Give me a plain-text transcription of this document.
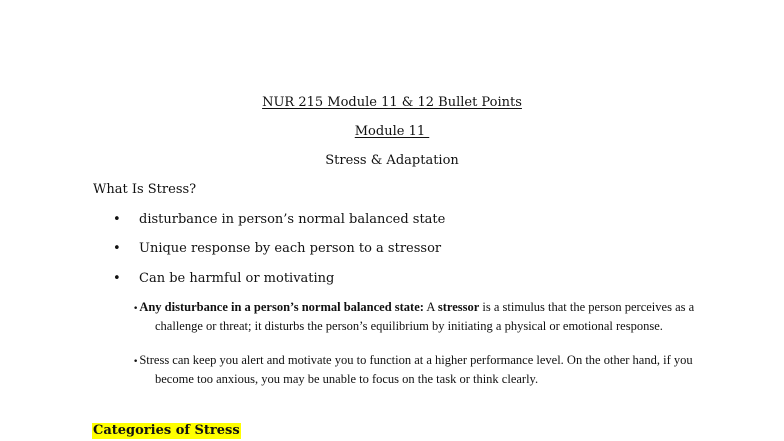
NUR 215 Module 11 & 12 Bullet Points
Module 11
Stress & Adaptation
What Is Stress?
•	disturbance in person’s normal balanced state
•	Unique response by each person to a stressor
•	Can be harmful or motivating
•Any disturbance in a person’s normal balanced state: A stressor is a stimulus that the person perceives as a challenge or threat; it disturbs the person’s equilibrium by initiating a physical or emotional response.
•Stress can keep you alert and motivate you to function at a higher performance level. On the other hand, if you become too anxious, you may be unable to focus on the task or think clearly.
Categories of Stress
